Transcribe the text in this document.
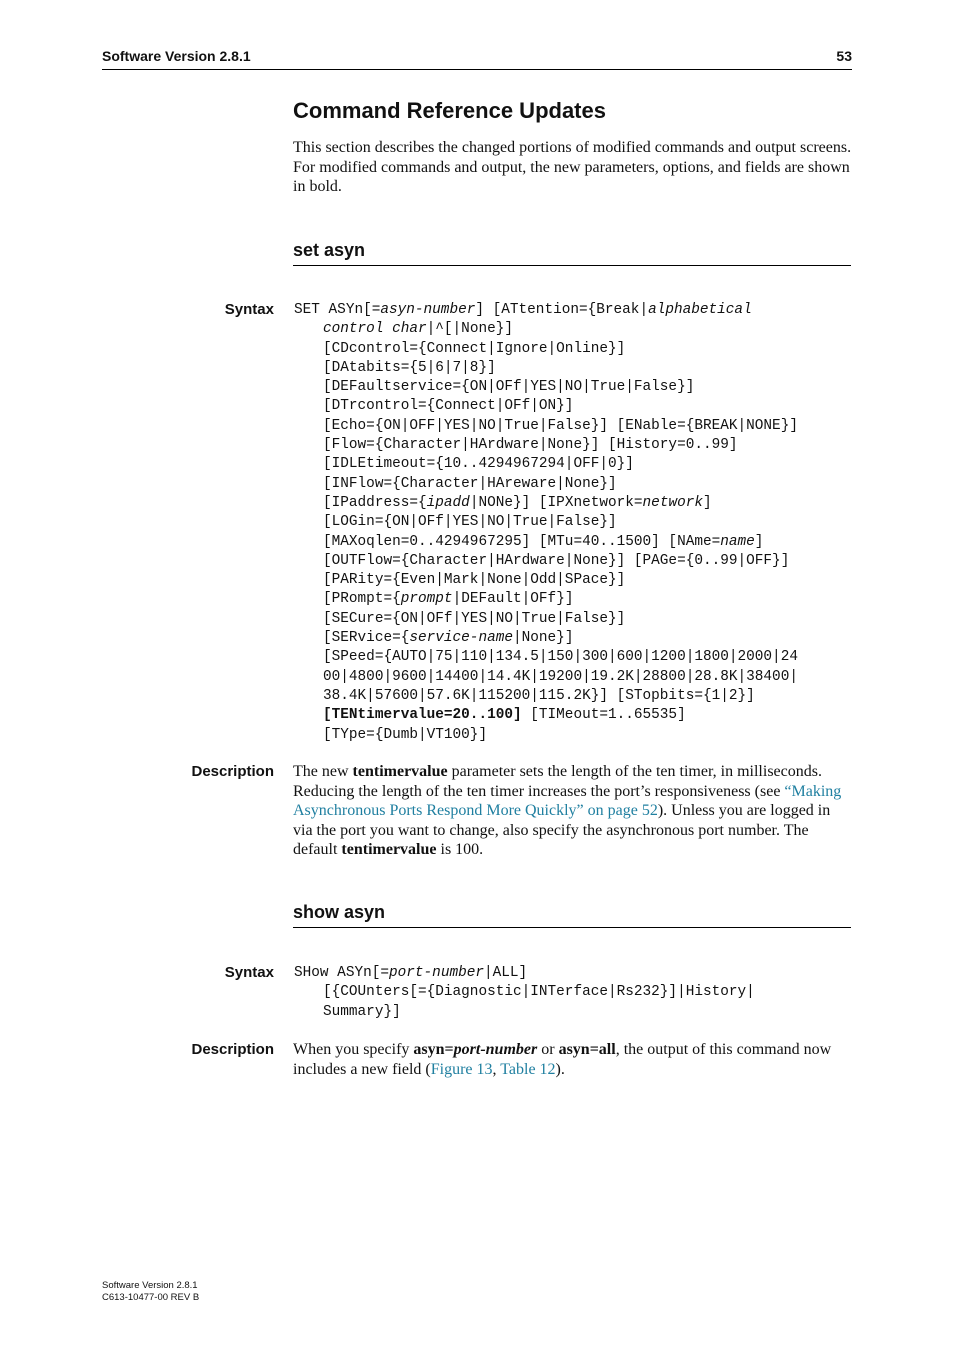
Software Version 2.8.1	53
Command Reference Updates
This section describes the changed portions of modified commands and output screens. For modified commands and output, the new parameters, options, and fields are shown in bold.
set asyn
Syntax SET ASYn[=asyn-number] [ATtention={Break|alphabetical
control char|^[|None}]
[CDcontrol={Connect|Ignore|Online}]
[DAtabits={5|6|7|8}]
[DEFaultservice={ON|OFf|YES|NO|True|False}]
[DTrcontrol={Connect|OFf|ON}]
[Echo={ON|OFF|YES|NO|True|False}] [ENable={BREAK|NONE}]
[Flow={Character|HArdware|None}] [History=0..99]
[IDLEtimeout={10..4294967294|OFF|0}]
[INFlow={Character|HAreware|None}]
[IPaddress={ipadd|NONe}] [IPXnetwork=network]
[LOGin={ON|OFf|YES|NO|True|False}]
[MAXoqlen=0..4294967295] [MTu=40..1500] [NAme=name]
[OUTFlow={Character|HArdware|None}] [PAGe={0..99|OFF}]
[PARity={Even|Mark|None|Odd|SPace}]
[PRompt={prompt|DEFault|OFf}]
[SECure={ON|OFf|YES|NO|True|False}]
[SERvice={service-name|None}]
[SPeed={AUTO|75|110|134.5|150|300|600|1200|1800|2000|24
00|4800|9600|14400|14.4K|19200|19.2K|28800|28.8K|38400|
38.4K|57600|57.6K|115200|115.2K}] [STopbits={1|2}]
[TENtimervalue=20..100] [TIMeout=1..65535]
[TYpe={Dumb|VT100}]
Description The new tentimervalue parameter sets the length of the ten timer, in milliseconds. Reducing the length of the ten timer increases the port’s responsiveness (see “Making Asynchronous Ports Respond More Quickly” on page 52). Unless you are logged in via the port you want to change, also specify the asynchronous port number. The default tentimervalue is 100.
show asyn
Syntax SHow ASYn[=port-number|ALL]
[{COUnters[={Diagnostic|INTerface|Rs232}]|History|
Summary}]
Description When you specify asyn=port-number or asyn=all, the output of this command now includes a new field (Figure 13, Table 12).
Software Version 2.8.1
C613-10477-00 REV B
